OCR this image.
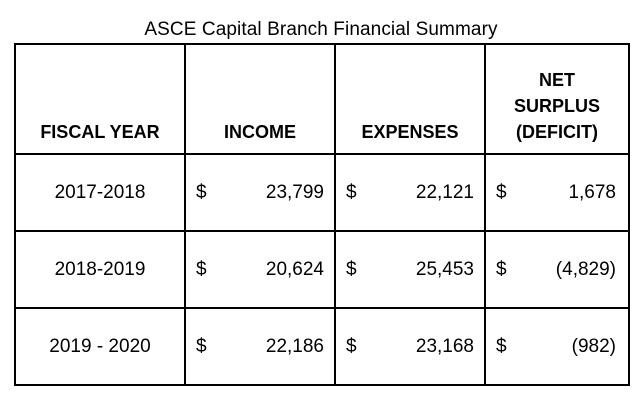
ASCE Capital Branch Financial Summary
FISCAL YEAR	INCOME	EXPENSES	NET
SURPLUS
(DEFICIT)

2017-2018	$ 23,799	$ 22,121	$ 1,678

2018-2019	$ 20,624	$ 25,453	$ (4,829)

2019 - 2020	$ 22,186	$ 23,168	$ (982)
